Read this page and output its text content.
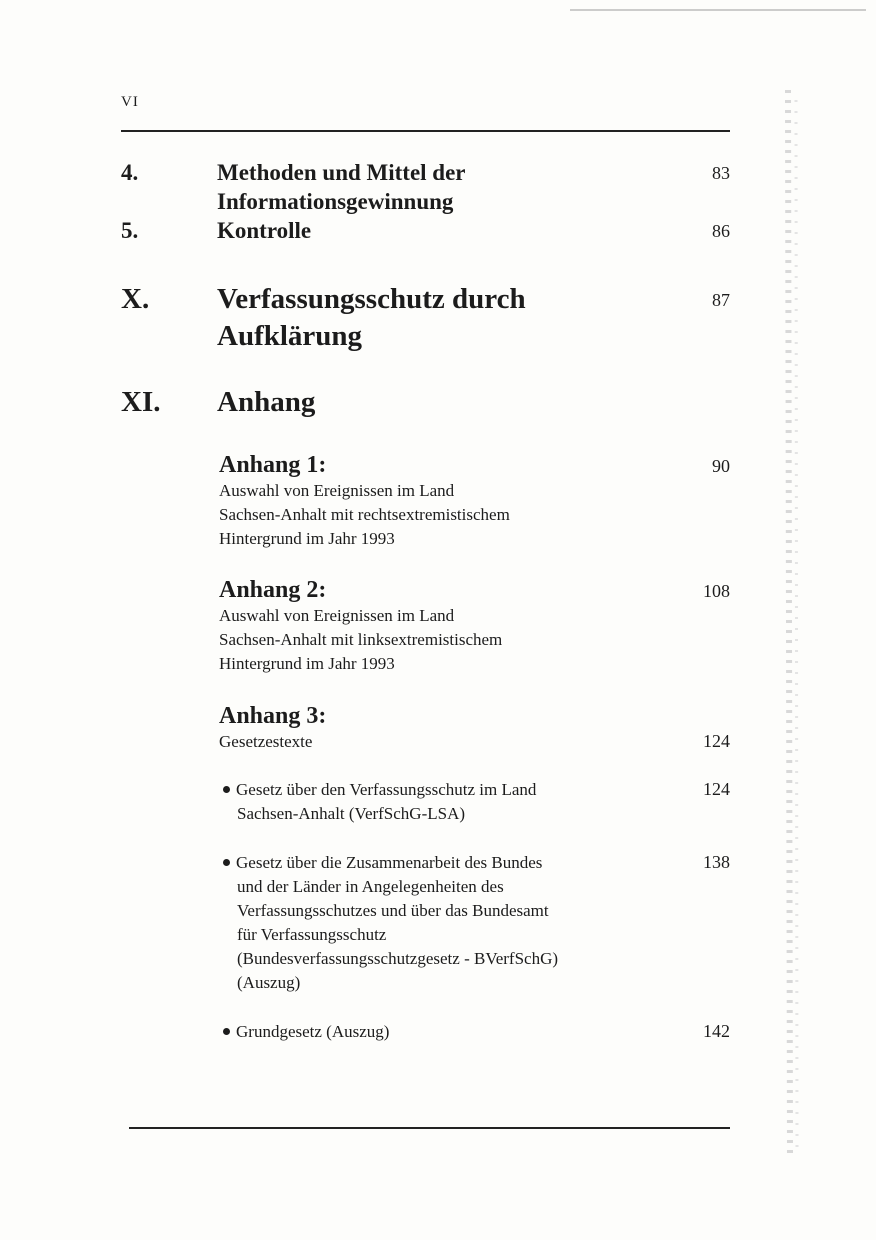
VI
4.	Methoden und Mittel der
Informationsgewinnung
83
5.	Kontrolle	86
X. Verfassungsschutz durch
Aufklärung
87
XI. Anhang
Anhang 1:	90
Auswahl von Ereignissen im Land
Sachsen-Anhalt mit rechtsextremistischem
Hintergrund im Jahr 1993
Anhang 2:	108
Auswahl von Ereignissen im Land
Sachsen-Anhalt mit linksextremistischem
Hintergrund im Jahr 1993
Anhang 3:
Gesetzestexte	124
Gesetz über den Verfassungsschutz im Land
Sachsen-Anhalt (VerfSchG-LSA)
124
Gesetz über die Zusammenarbeit des Bundes
und der Länder in Angelegenheiten des
Verfassungsschutzes und über das Bundesamt
für Verfassungsschutz
(Bundesverfassungsschutzgesetz - BVerfSchG)
(Auszug)
138
Grundgesetz (Auszug)	142
